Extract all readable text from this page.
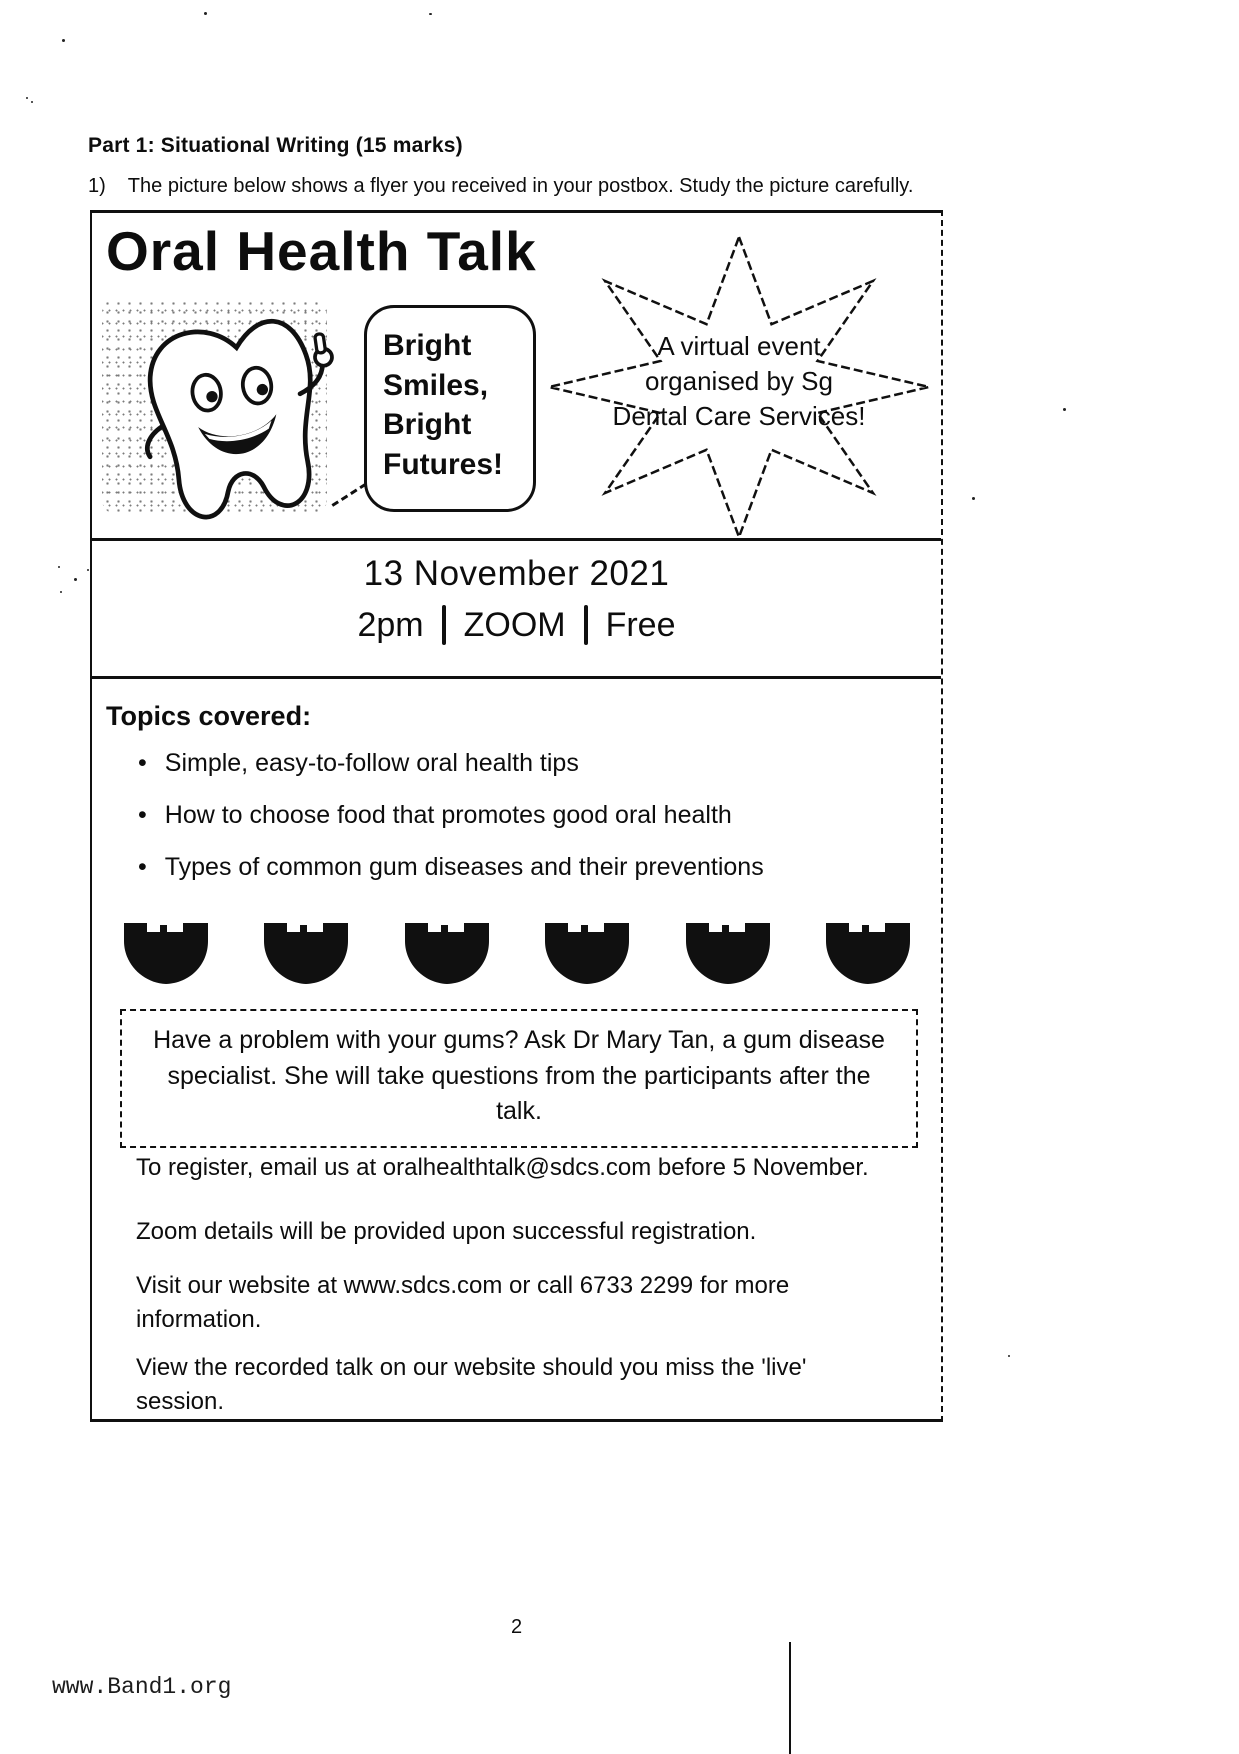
Part 1: Situational Writing (15 marks)
1) The picture below shows a flyer you received in your postbox. Study the picture carefully.
Oral Health Talk
Bright Smiles, Bright Futures!
A virtual event organised by Sg Dental Care Services!
13 November 2021
2pm ZOOM Free
Topics covered:
• Simple, easy-to-follow oral health tips
• How to choose food that promotes good oral health
• Types of common gum diseases and their preventions
Have a problem with your gums? Ask Dr Mary Tan, a gum disease specialist. She will take questions from the participants after the talk.
To register, email us at oralhealthtalk@sdcs.com before 5 November.
Zoom details will be provided upon successful registration.
Visit our website at www.sdcs.com or call 6733 2299 for more information.
View the recorded talk on our website should you miss the 'live' session.
2
www.Band1.org
